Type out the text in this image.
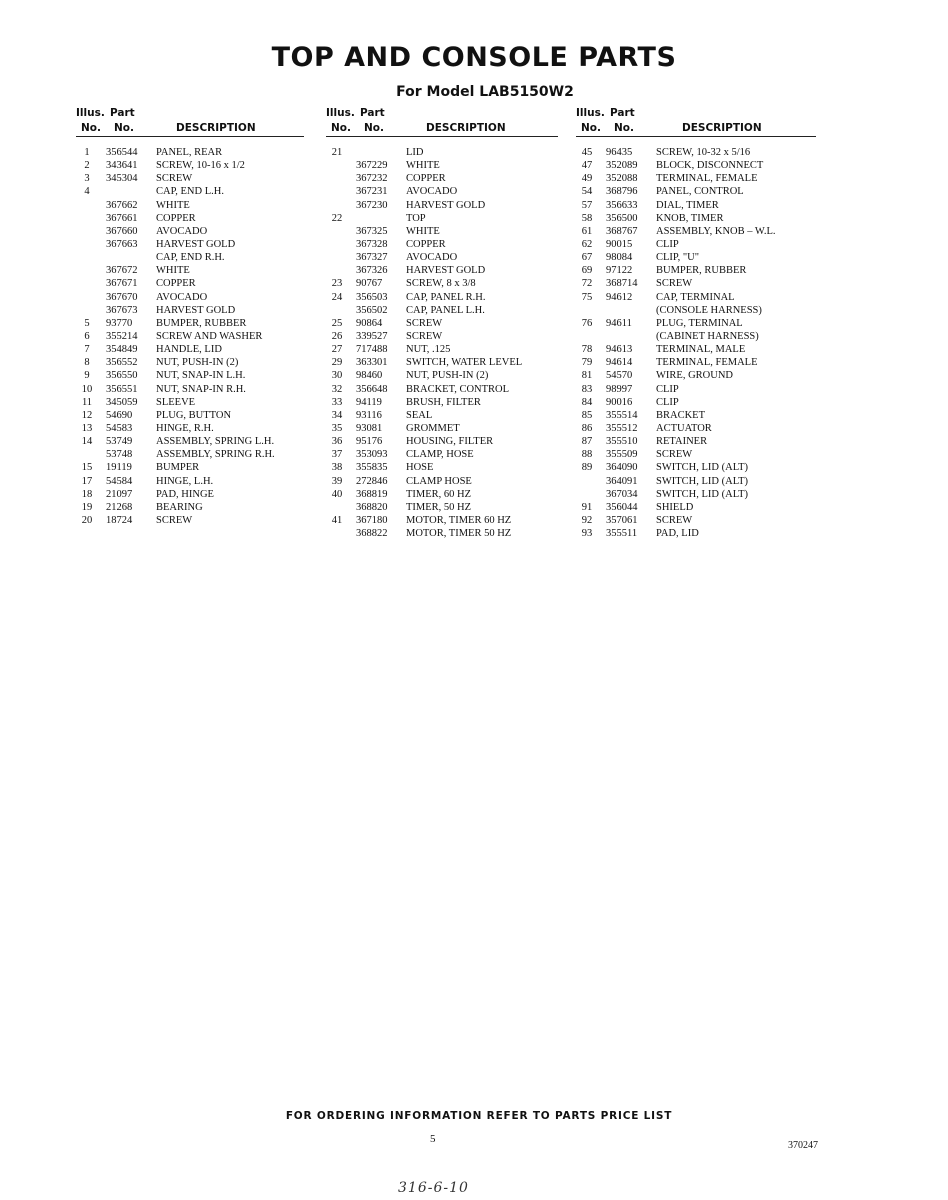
TOP AND CONSOLE PARTS
For Model LAB5150W2
Illus. Part
No. No.	DESCRIPTION
1	356544 PANEL, REAR
2	343641 SCREW, 10-16 x 1/2
3	345304 SCREW
4	CAP, END L.H.
367662 WHITE
367661 COPPER
367660 AVOCADO
367663 HARVEST GOLD
CAP, END R.H.
367672 WHITE
367671 COPPER
367670 AVOCADO
367673 HARVEST GOLD
5	93770 BUMPER, RUBBER
6	355214 SCREW AND WASHER
7	354849 HANDLE, LID
8	356552 NUT, PUSH-IN (2)
9	356550 NUT, SNAP-IN L.H.
10	356551 NUT, SNAP-IN R.H.
11	345059 SLEEVE
12	54690 PLUG, BUTTON
13	54583 HINGE, R.H.
14	53749 ASSEMBLY, SPRING L.H.
53748 ASSEMBLY, SPRING R.H.
15	19119 BUMPER
17	54584 HINGE, L.H.
18	21097 PAD, HINGE
19	21268 BEARING
20	18724 SCREW
Illus. Part
No. No.	DESCRIPTION
21	LID
367229 WHITE
367232 COPPER
367231 AVOCADO
367230 HARVEST GOLD
22	TOP
367325 WHITE
367328 COPPER
367327 AVOCADO
367326 HARVEST GOLD
23	90767 SCREW, 8 x 3/8
24	356503 CAP, PANEL R.H.
356502 CAP, PANEL L.H.
25	90864 SCREW
26	339527 SCREW
27	717488 NUT, .125
29	363301 SWITCH, WATER LEVEL
30	98460 NUT, PUSH-IN (2)
32	356648 BRACKET, CONTROL
33	94119 BRUSH, FILTER
34	93116 SEAL
35	93081 GROMMET
36	95176 HOUSING, FILTER
37	353093 CLAMP, HOSE
38	355835 HOSE
39	272846 CLAMP HOSE
40	368819 TIMER, 60 HZ
368820 TIMER, 50 HZ
41	367180 MOTOR, TIMER 60 HZ
368822 MOTOR, TIMER 50 HZ
Illus. Part
No. No.	DESCRIPTION
45	96435 SCREW, 10-32 x 5/16
47	352089 BLOCK, DISCONNECT
49	352088 TERMINAL, FEMALE
54	368796 PANEL, CONTROL
57	356633 DIAL, TIMER
58	356500 KNOB, TIMER
61	368767 ASSEMBLY, KNOB – W.L.
62	90015 CLIP
67	98084 CLIP, "U"
69	97122 BUMPER, RUBBER
72	368714 SCREW
75	94612 CAP, TERMINAL
(CONSOLE HARNESS)
76	94611 PLUG, TERMINAL
(CABINET HARNESS)
78	94613 TERMINAL, MALE
79	94614 TERMINAL, FEMALE
81	54570 WIRE, GROUND
83	98997 CLIP
84	90016 CLIP
85	355514 BRACKET
86	355512 ACTUATOR
87	355510 RETAINER
88	355509 SCREW
89	364090 SWITCH, LID (ALT)
364091 SWITCH, LID (ALT)
367034 SWITCH, LID (ALT)
91	356044 SHIELD
92	357061 SCREW
93	355511 PAD, LID
FOR ORDERING INFORMATION REFER TO PARTS PRICE LIST
5
370247
316-6-10
